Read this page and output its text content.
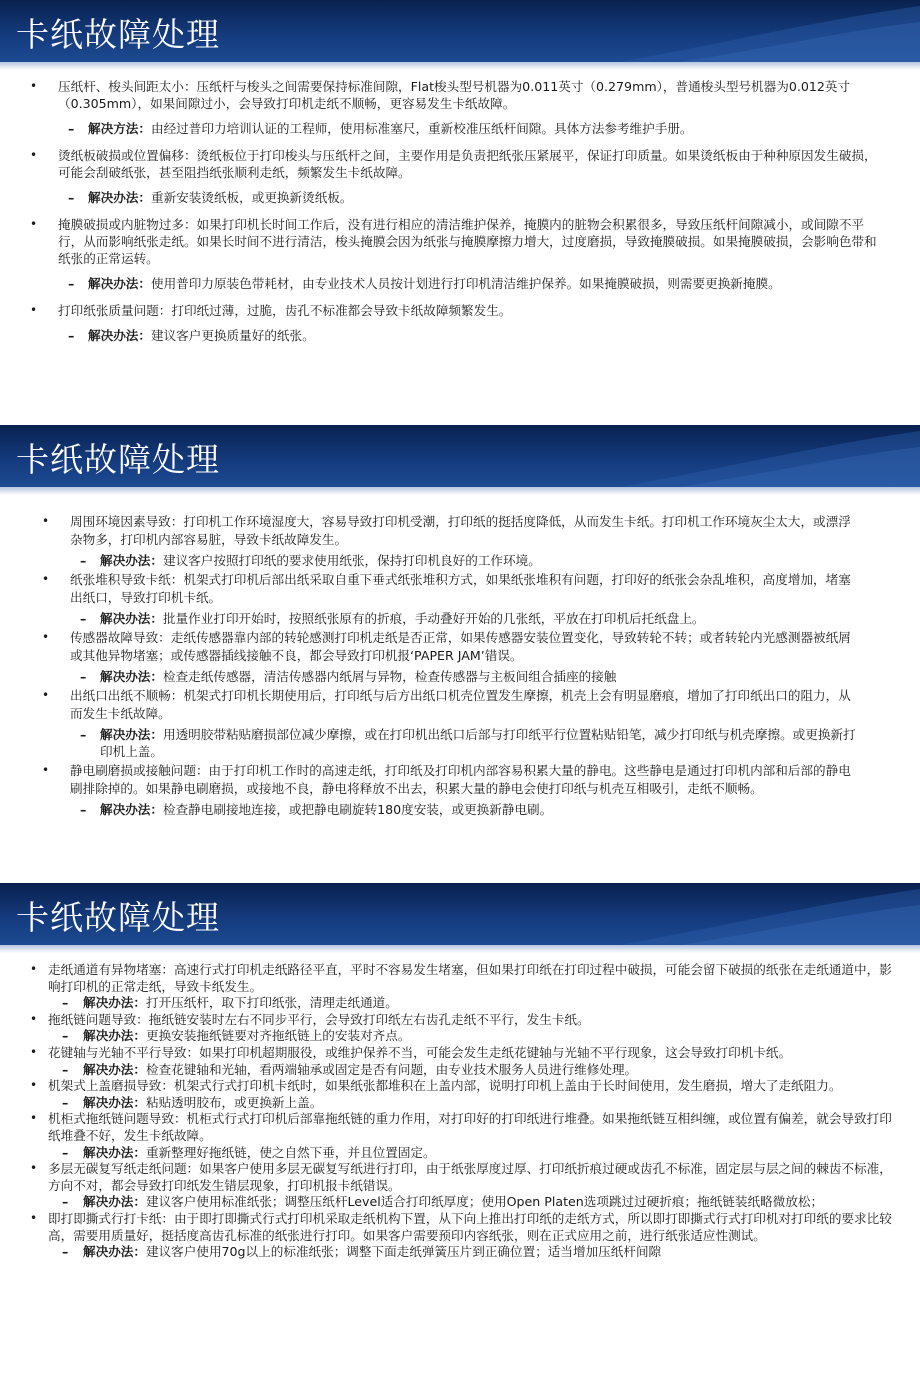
卡纸故障处理
• 压纸杆、梭头间距太小：压纸杆与梭头之间需要保持标准间隙，Flat梭头型号机器为0.011英寸（0.279mm），普通梭头型号机器为0.012英寸（0.305mm），如果间隙过小，会导致打印机走纸不顺畅，更容易发生卡纸故障。
– 解决方法：由经过普印力培训认证的工程师，使用标准塞尺，重新校准压纸杆间隙。具体方法参考维护手册。
• 烫纸板破损或位置偏移：烫纸板位于打印梭头与压纸杆之间，主要作用是负责把纸张压紧展平，保证打印质量。如果烫纸板由于种种原因发生破损，可能会刮破纸张，甚至阻挡纸张顺利走纸，频繁发生卡纸故障。
– 解决办法：重新安装烫纸板，或更换新烫纸板。
• 掩膜破损或内脏物过多：如果打印机长时间工作后，没有进行相应的清洁维护保养，掩膜内的脏物会积累很多，导致压纸杆间隙减小，或间隙不平行，从而影响纸张走纸。如果长时间不进行清洁，梭头掩膜会因为纸张与掩膜摩擦力增大，过度磨损，导致掩膜破损。如果掩膜破损，会影响色带和纸张的正常运转。
– 解决办法：使用普印力原装色带耗材，由专业技术人员按计划进行打印机清洁维护保养。如果掩膜破损，则需要更换新掩膜。
• 打印纸张质量问题：打印纸过薄，过脆，齿孔不标准都会导致卡纸故障频繁发生。
– 解决办法：建议客户更换质量好的纸张。
卡纸故障处理
• 周围环境因素导致：打印机工作环境湿度大，容易导致打印机受潮，打印纸的挺括度降低，从而发生卡纸。打印机工作环境灰尘太大，或漂浮杂物多，打印机内部容易脏，导致卡纸故障发生。
– 解决办法：建议客户按照打印纸的要求使用纸张，保持打印机良好的工作环境。
• 纸张堆积导致卡纸：机架式打印机后部出纸采取自重下垂式纸张堆积方式，如果纸张堆积有问题，打印好的纸张会杂乱堆积，高度增加，堵塞出纸口，导致打印机卡纸。
– 解决办法：批量作业打印开始时，按照纸张原有的折痕，手动叠好开始的几张纸，平放在打印机后托纸盘上。
• 传感器故障导致：走纸传感器靠内部的转轮感测打印机走纸是否正常，如果传感器安装位置变化，导致转轮不转；或者转轮内光感测器被纸屑或其他异物堵塞；或传感器插线接触不良，都会导致打印机报‘PAPER JAM’错误。
– 解决办法：检查走纸传感器，清洁传感器内纸屑与异物，检查传感器与主板间组合插座的接触
• 出纸口出纸不顺畅：机架式打印机长期使用后，打印纸与后方出纸口机壳位置发生摩擦，机壳上会有明显磨痕，增加了打印纸出口的阻力，从而发生卡纸故障。
– 解决办法：用透明胶带粘贴磨损部位减少摩擦，或在打印机出纸口后部与打印纸平行位置粘贴铅笔，减少打印纸与机壳摩擦。或更换新打印机上盖。
• 静电刷磨损或接触问题：由于打印机工作时的高速走纸，打印纸及打印机内部容易积累大量的静电。这些静电是通过打印机内部和后部的静电刷排除掉的。如果静电刷磨损，或接地不良，静电将释放不出去，积累大量的静电会使打印纸与机壳互相吸引，走纸不顺畅。
– 解决办法：检查静电刷接地连接，或把静电刷旋转180度安装，或更换新静电刷。
卡纸故障处理
• 走纸通道有异物堵塞：高速行式打印机走纸路径平直，平时不容易发生堵塞，但如果打印纸在打印过程中破损，可能会留下破损的纸张在走纸通道中，影响打印机的正常走纸，导致卡纸发生。
– 解决办法：打开压纸杆，取下打印纸张，清理走纸通道。
• 拖纸链问题导致：拖纸链安装时左右不同步平行，会导致打印纸左右齿孔走纸不平行，发生卡纸。
– 解决办法：更换安装拖纸链要对齐拖纸链上的安装对齐点。
• 花键轴与光轴不平行导致：如果打印机超期服役，或维护保养不当，可能会发生走纸花键轴与光轴不平行现象，这会导致打印机卡纸。
– 解决办法：检查花键轴和光轴，看两端轴承或固定是否有问题，由专业技术服务人员进行维修处理。
• 机架式上盖磨损导致：机架式行式打印机卡纸时，如果纸张都堆积在上盖内部，说明打印机上盖由于长时间使用，发生磨损，增大了走纸阻力。
– 解决办法：粘贴透明胶布，或更换新上盖。
• 机柜式拖纸链问题导致：机柜式行式打印机后部靠拖纸链的重力作用，对打印好的打印纸进行堆叠。如果拖纸链互相纠缠，或位置有偏差，就会导致打印纸堆叠不好，发生卡纸故障。
– 解决办法：重新整理好拖纸链，使之自然下垂，并且位置固定。
• 多层无碳复写纸走纸问题：如果客户使用多层无碳复写纸进行打印，由于纸张厚度过厚、打印纸折痕过硬或齿孔不标准，固定层与层之间的棘齿不标准，方向不对，都会导致打印纸发生错层现象，打印机报卡纸错误。
– 解决办法：建议客户使用标准纸张；调整压纸杆Level适合打印纸厚度；使用Open Platen选项跳过过硬折痕；拖纸链装纸略微放松；
• 即打即撕式行打卡纸：由于即打即撕式行式打印机采取走纸机构下置，从下向上推出打印纸的走纸方式，所以即打即撕式行式打印机对打印纸的要求比较高，需要用质量好，挺括度高齿孔标准的纸张进行打印。如果客户需要预印内容纸张，则在正式应用之前，进行纸张适应性测试。
– 解决办法：建议客户使用70g以上的标准纸张；调整下面走纸弹簧压片到正确位置；适当增加压纸杆间隙
